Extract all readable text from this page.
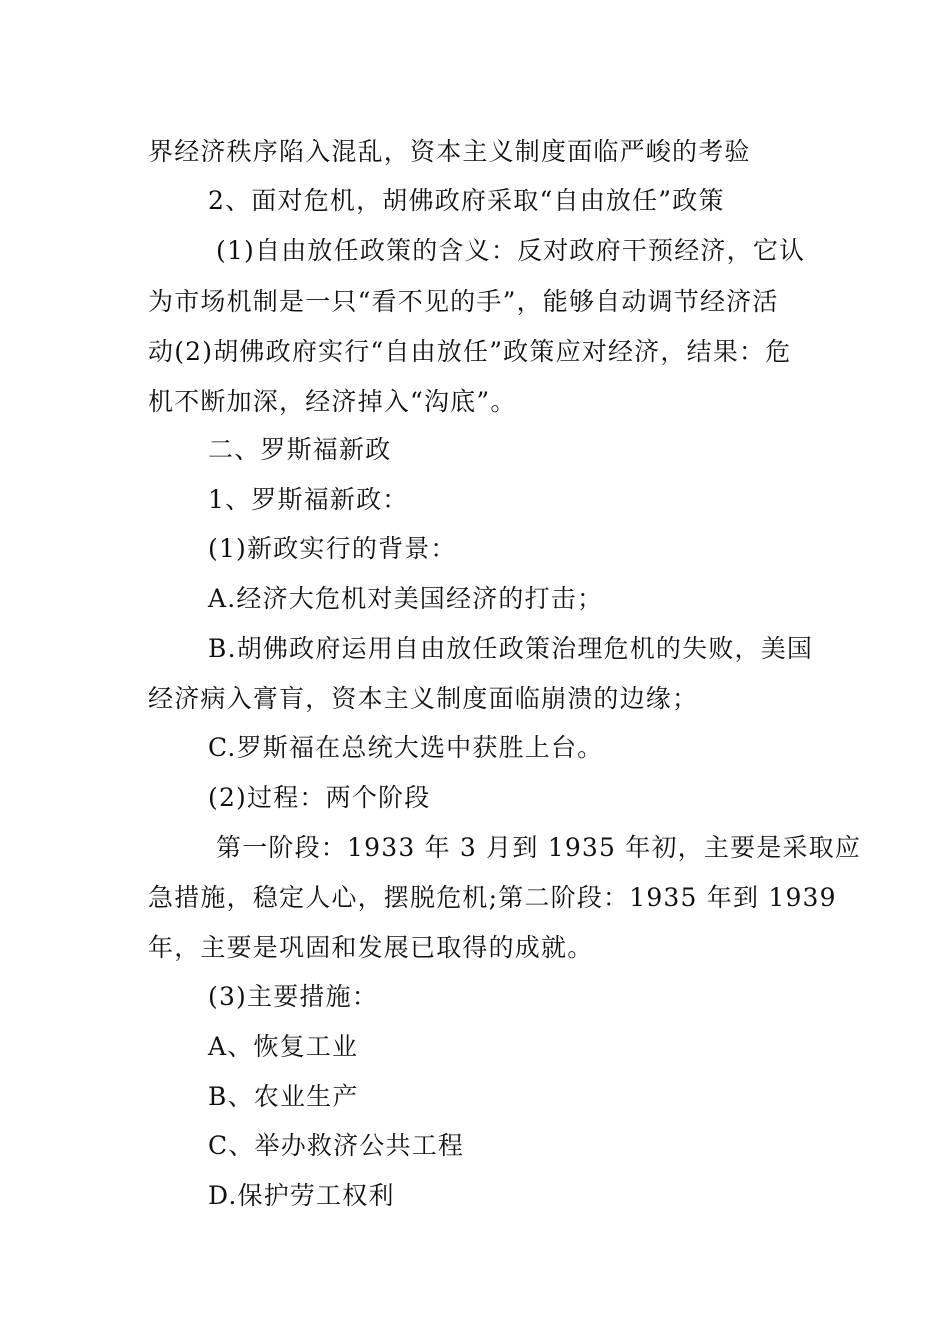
界经济秩序陷入混乱，资本主义制度面临严峻的考验
2、面对危机，胡佛政府采取“自由放任”政策
(1)自由放任政策的含义：反对政府干预经济，它认
为市场机制是一只“看不见的手”，能够自动调节经济活
动(2)胡佛政府实行“自由放任”政策应对经济，结果：危
机不断加深，经济掉入“沟底”。
二、罗斯福新政
1、罗斯福新政：
(1)新政实行的背景：
A.经济大危机对美国经济的打击；
B.胡佛政府运用自由放任政策治理危机的失败，美国
经济病入膏肓，资本主义制度面临崩溃的边缘；
C.罗斯福在总统大选中获胜上台。
(2)过程：两个阶段
第一阶段：1933 年 3 月到 1935 年初，主要是采取应
急措施，稳定人心，摆脱危机;第二阶段：1935 年到 1939
年，主要是巩固和发展已取得的成就。
(3)主要措施：
A、恢复工业
B、农业生产
C、举办救济公共工程
D.保护劳工权利
